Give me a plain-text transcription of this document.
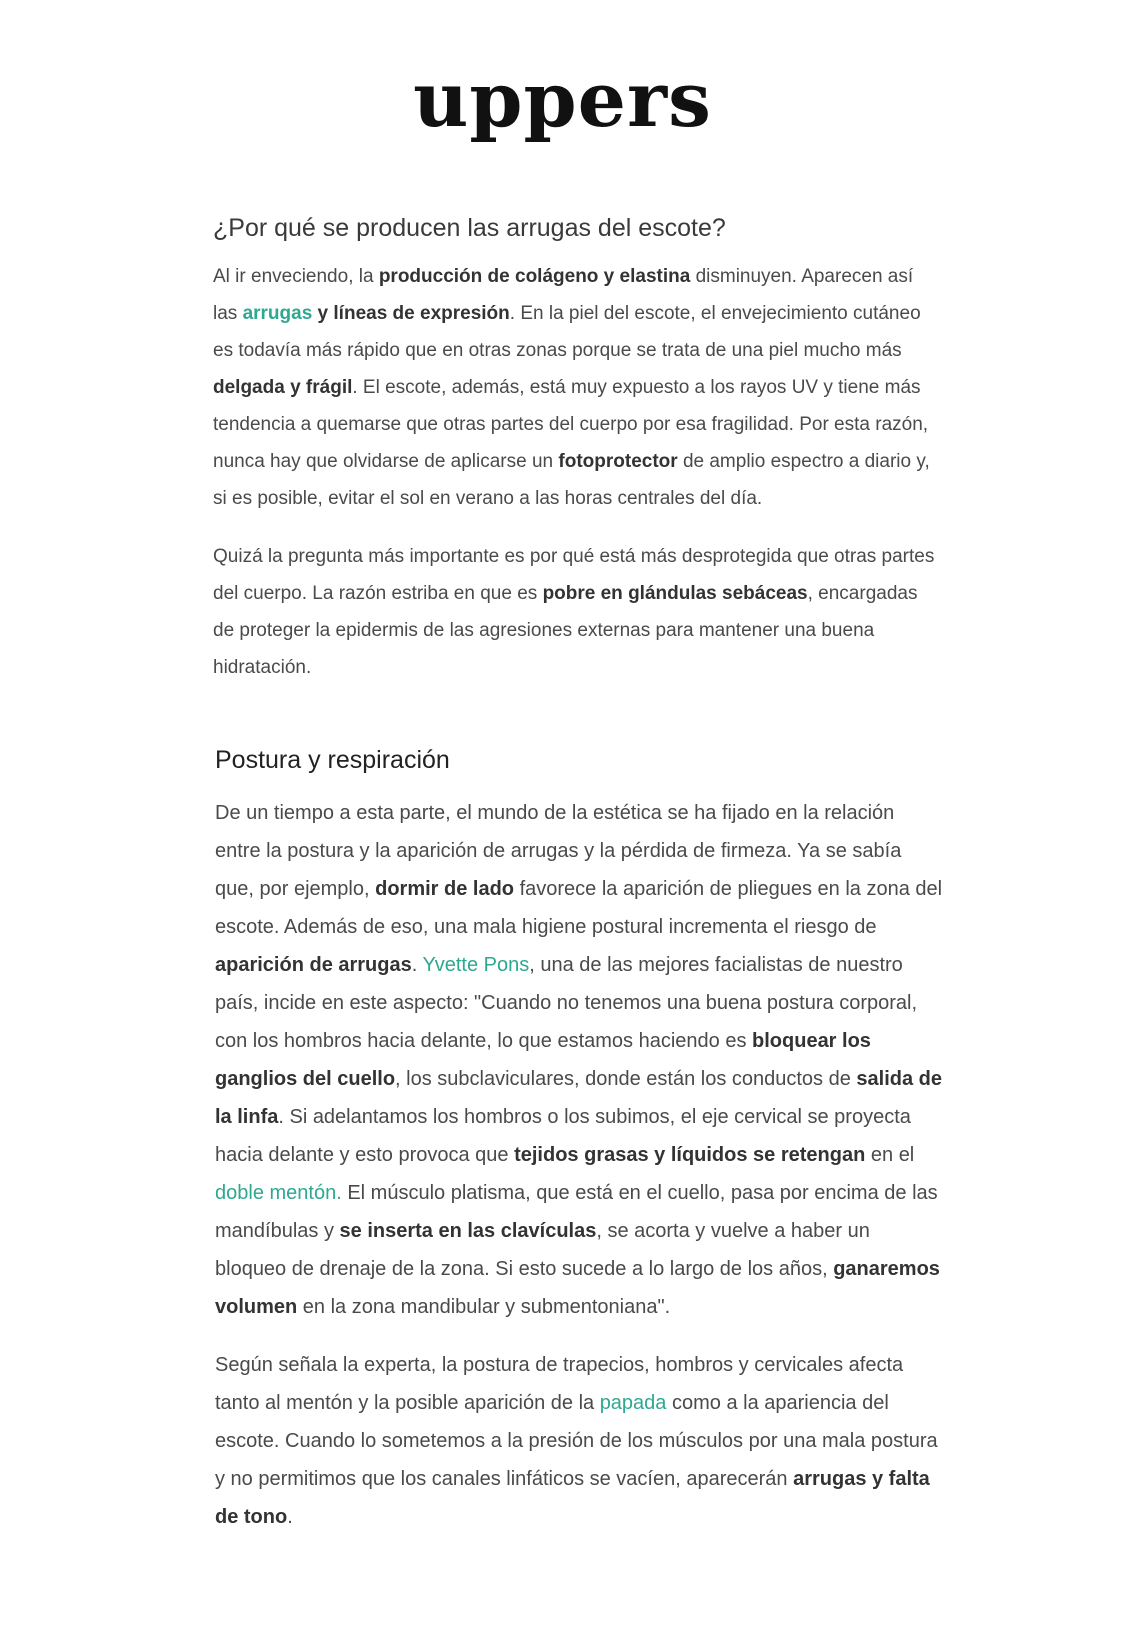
uppers
¿Por qué se producen las arrugas del escote?

Al ir enveciendo, la producción de colágeno y elastina disminuyen. Aparecen así las arrugas y líneas de expresión. En la piel del escote, el envejecimiento cutáneo es todavía más rápido que en otras zonas porque se trata de una piel mucho más delgada y frágil. El escote, además, está muy expuesto a los rayos UV y tiene más tendencia a quemarse que otras partes del cuerpo por esa fragilidad. Por esta razón, nunca hay que olvidarse de aplicarse un fotoprotector de amplio espectro a diario y, si es posible, evitar el sol en verano a las horas centrales del día.

Quizá la pregunta más importante es por qué está más desprotegida que otras partes del cuerpo. La razón estriba en que es pobre en glándulas sebáceas, encargadas de proteger la epidermis de las agresiones externas para mantener una buena hidratación.

Postura y respiración

De un tiempo a esta parte, el mundo de la estética se ha fijado en la relación entre la postura y la aparición de arrugas y la pérdida de firmeza. Ya se sabía que, por ejemplo, dormir de lado favorece la aparición de pliegues en la zona del escote. Además de eso, una mala higiene postural incrementa el riesgo de aparición de arrugas. Yvette Pons, una de las mejores facialistas de nuestro país, incide en este aspecto: "Cuando no tenemos una buena postura corporal, con los hombros hacia delante, lo que estamos haciendo es bloquear los ganglios del cuello, los subclaviculares, donde están los conductos de salida de la linfa. Si adelantamos los hombros o los subimos, el eje cervical se proyecta hacia delante y esto provoca que tejidos grasas y líquidos se retengan en el doble mentón. El músculo platisma, que está en el cuello, pasa por encima de las mandíbulas y se inserta en las clavículas, se acorta y vuelve a haber un bloqueo de drenaje de la zona. Si esto sucede a lo largo de los años, ganaremos volumen en la zona mandibular y submentoniana".

Según señala la experta, la postura de trapecios, hombros y cervicales afecta tanto al mentón y la posible aparición de la papada como a la apariencia del escote. Cuando lo sometemos a la presión de los músculos por una mala postura y no permitimos que los canales linfáticos se vacíen, aparecerán arrugas y falta de tono.
